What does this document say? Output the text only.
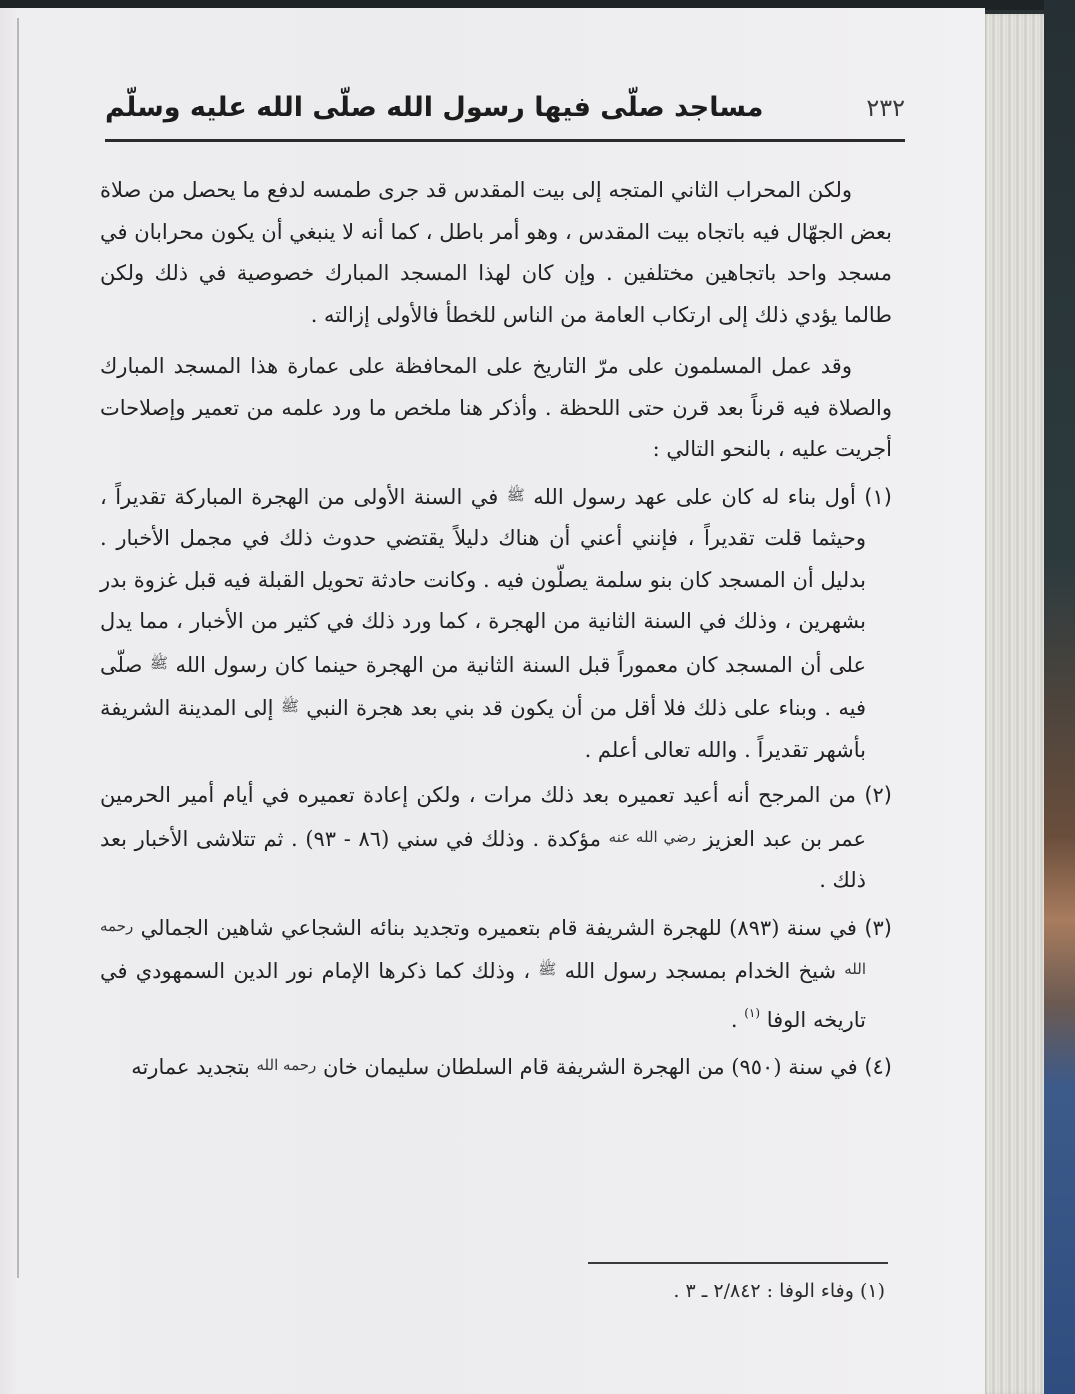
٢٣٢
مساجد صلّى فيها رسول الله صلّى الله عليه وسلّم

ولكن المحراب الثاني المتجه إلى بيت المقدس قد جرى طمسه لدفع ما يحصل من صلاة بعض الجهّال فيه باتجاه بيت المقدس ، وهو أمر باطل ، كما أنه لا ينبغي أن يكون محرابان في مسجد واحد باتجاهين مختلفين . وإن كان لهذا المسجد المبارك خصوصية في ذلك ولكن طالما يؤدي ذلك إلى ارتكاب العامة من الناس للخطأ فالأولى إزالته .

وقد عمل المسلمون على مرّ التاريخ على المحافظة على عمارة هذا المسجد المبارك والصلاة فيه قرناً بعد قرن حتى اللحظة . وأذكر هنا ملخص ما ورد علمه من تعمير وإصلاحات أجريت عليه ، بالنحو التالي :

(١) أول بناء له كان على عهد رسول الله ﷺ في السنة الأولى من الهجرة المباركة تقديراً ، وحيثما قلت تقديراً ، فإنني أعني أن هناك دليلاً يقتضي حدوث ذلك في مجمل الأخبار . بدليل أن المسجد كان بنو سلمة يصلّون فيه . وكانت حادثة تحويل القبلة فيه قبل غزوة بدر بشهرين ، وذلك في السنة الثانية من الهجرة ، كما ورد ذلك في كثير من الأخبار ، مما يدل على أن المسجد كان معموراً قبل السنة الثانية من الهجرة حينما كان رسول الله ﷺ صلّى فيه . وبناء على ذلك فلا أقل من أن يكون قد بني بعد هجرة النبي ﷺ إلى المدينة الشريفة بأشهر تقديراً . والله تعالى أعلم .

(٢) من المرجح أنه أعيد تعميره بعد ذلك مرات ، ولكن إعادة تعميره في أيام أمير الحرمين عمر بن عبد العزيز رضي الله عنه مؤكدة . وذلك في سني (٨٦ - ٩٣) . ثم تتلاشى الأخبار بعد ذلك .

(٣) في سنة (٨٩٣) للهجرة الشريفة قام بتعميره وتجديد بنائه الشجاعي شاهين الجمالي رحمه الله شيخ الخدام بمسجد رسول الله ﷺ ، وذلك كما ذكرها الإمام نور الدين السمهودي في تاريخه الوفا $^{(١)}$ .

(٤) في سنة (٩٥٠) من الهجرة الشريفة قام السلطان سليمان خان رحمه الله بتجديد عمارته

(١) وفاء الوفا : ٢/٨٤٢ ـ ٣ .
